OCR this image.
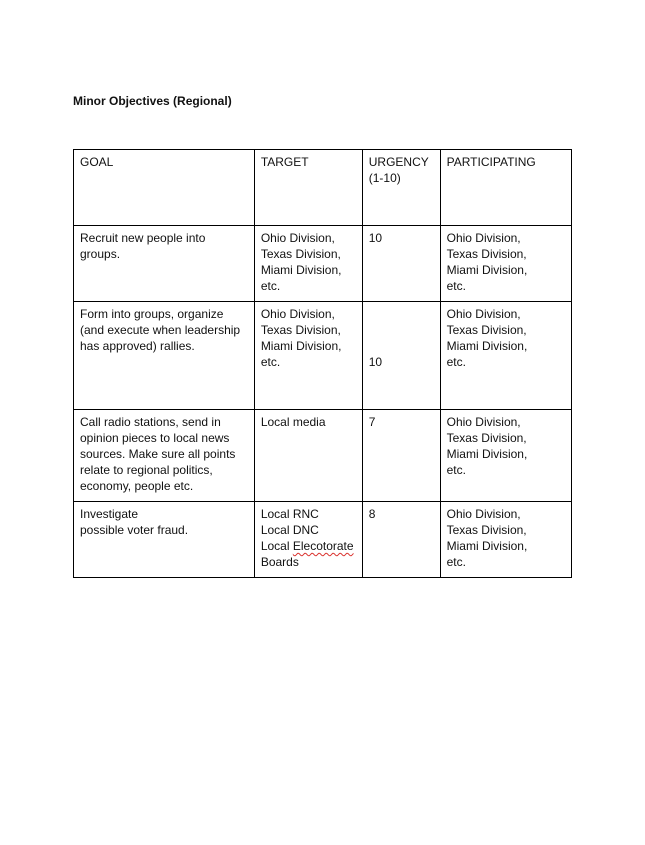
Minor Objectives (Regional)
GOAL	TARGET	URGENCY
(1-10)	PARTICIPATING

Recruit new people into
groups.	Ohio Division,
Texas Division,
Miami Division,
etc.	10	Ohio Division,
Texas Division,
Miami Division,
etc.

Form into groups, organize
(and execute when leadership
has approved) rallies.	Ohio Division,
Texas Division,
Miami Division,
etc.	10	Ohio Division,
Texas Division,
Miami Division,
etc.

Call radio stations, send in
opinion pieces to local news
sources. Make sure all points
relate to regional politics,
economy, people etc.	Local media	7	Ohio Division,
Texas Division,
Miami Division,
etc.

Investigate
possible voter fraud.	Local RNC
Local DNC
Local Elecotorate
Boards	8	Ohio Division,
Texas Division,
Miami Division,
etc.
